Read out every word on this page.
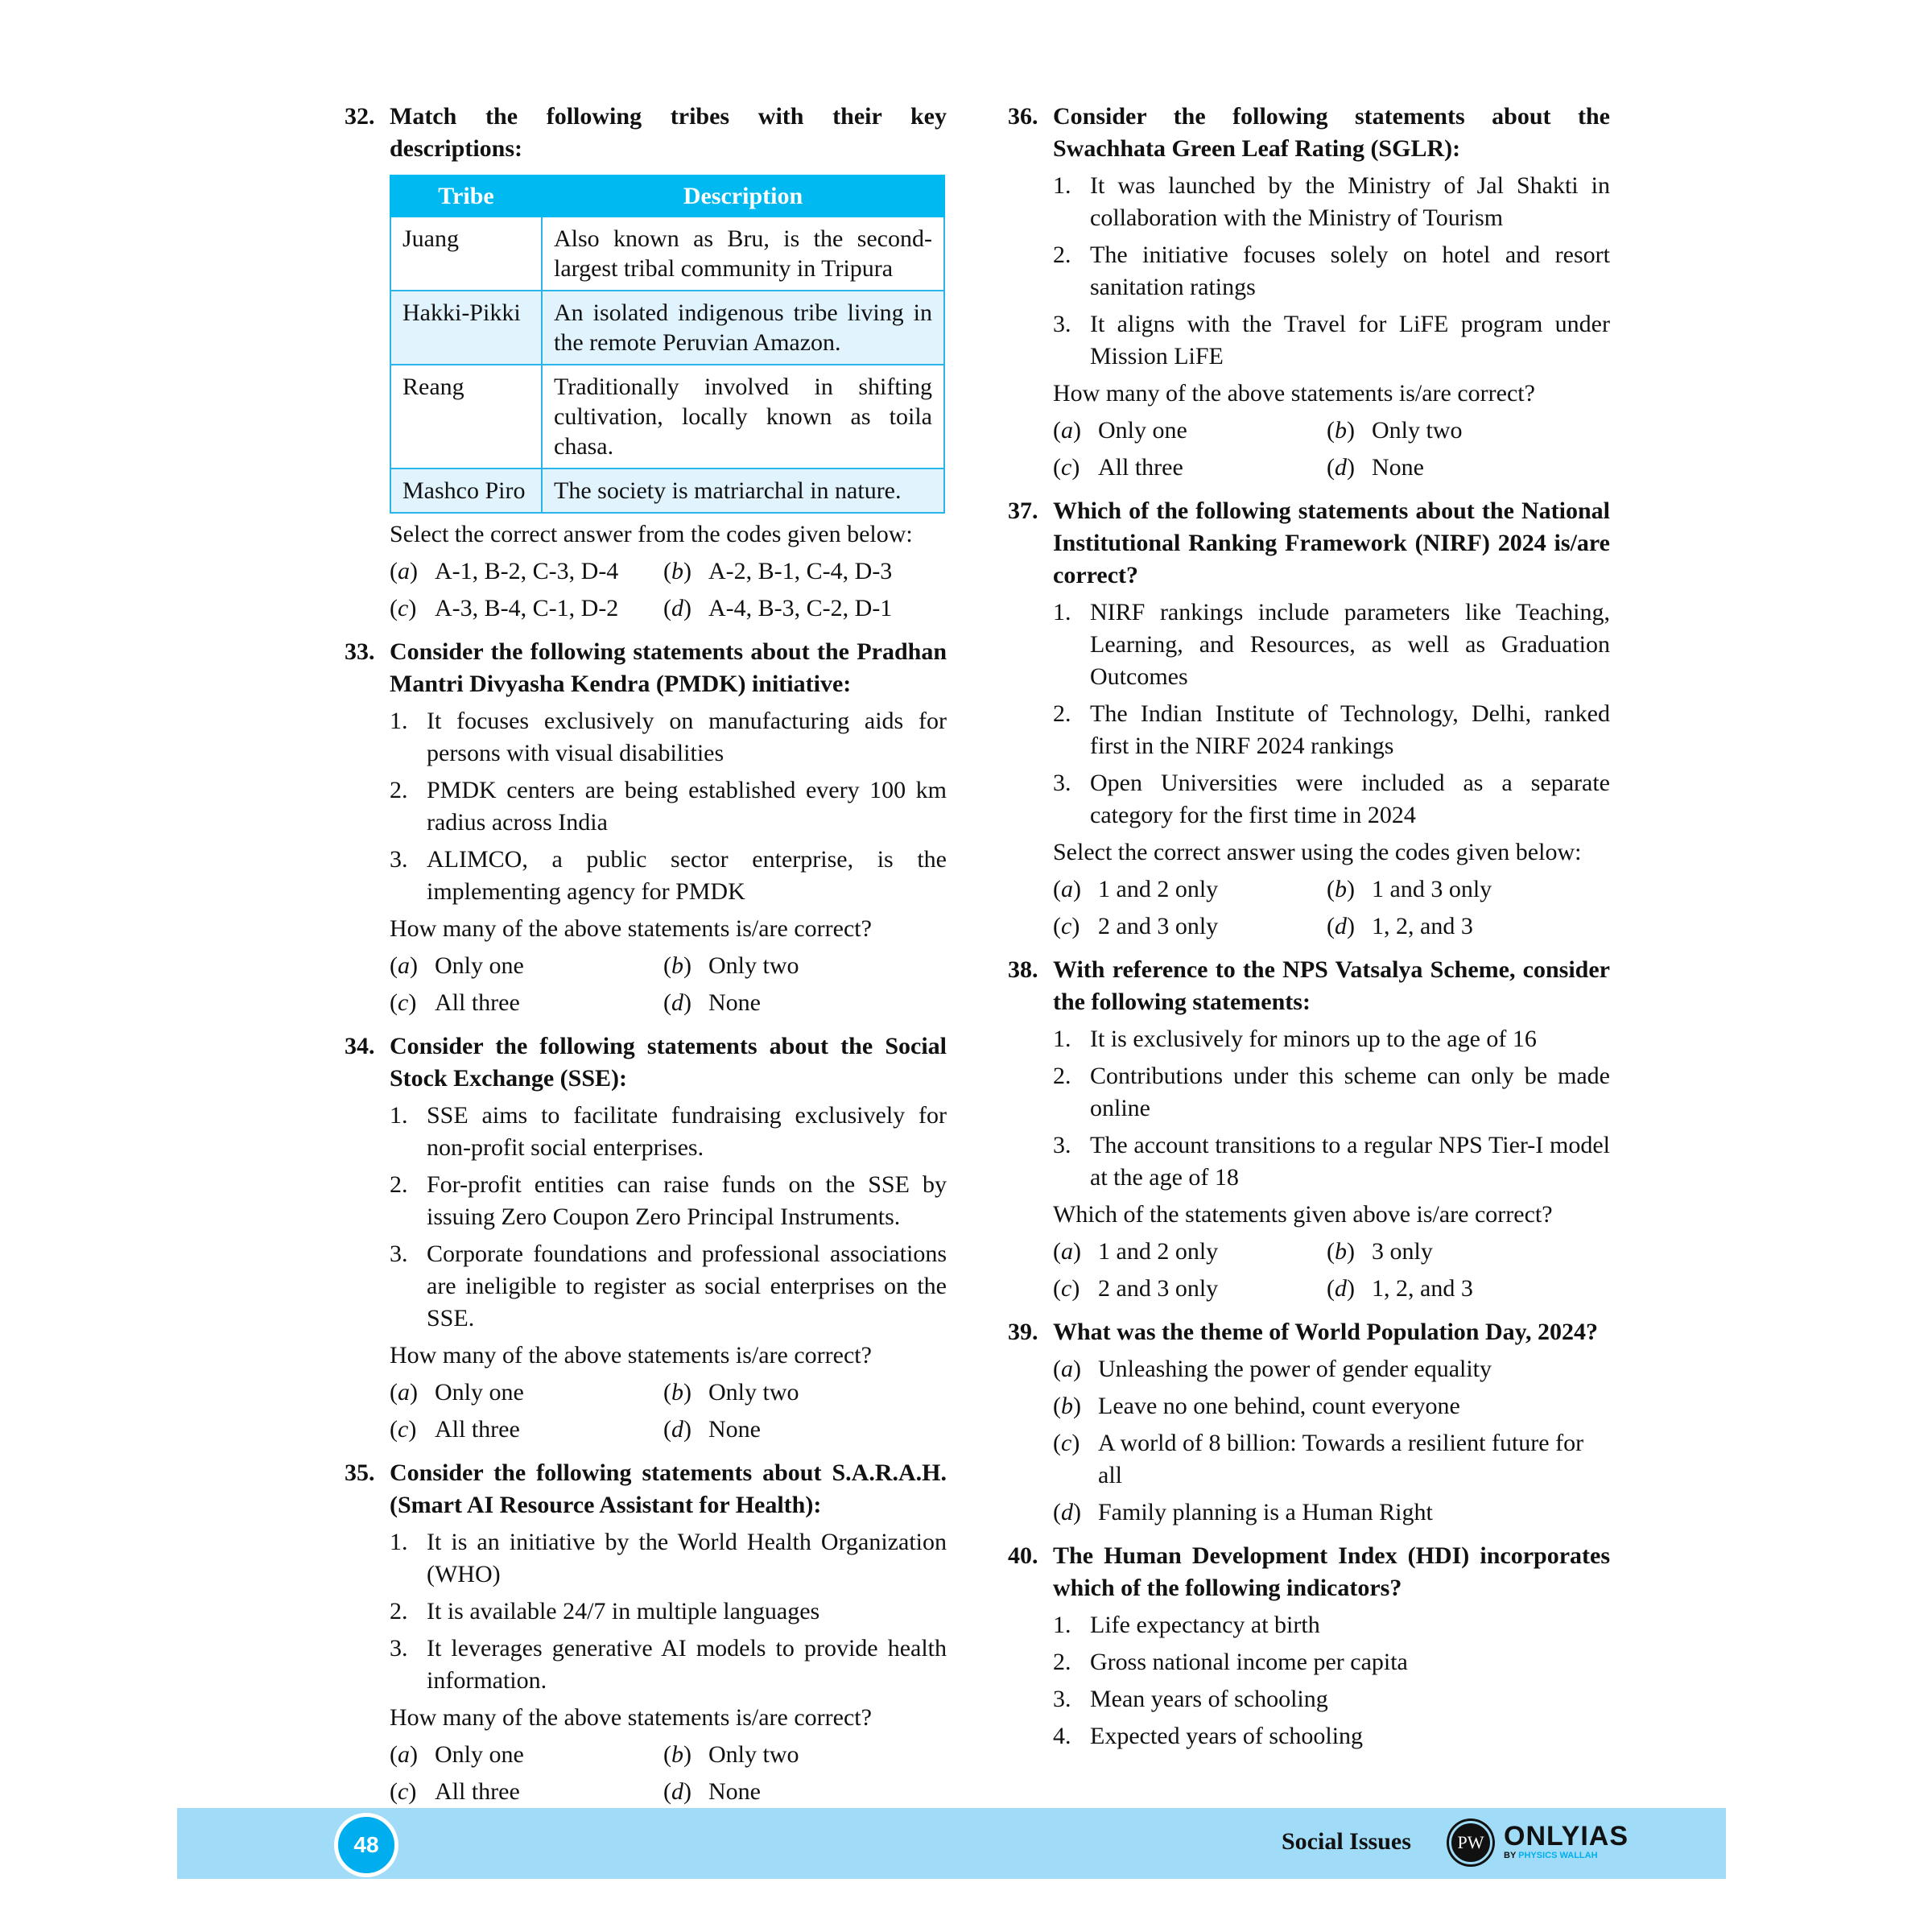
32. Match the following tribes with their key descriptions:
Tribe	Description
Juang	Also known as Bru, is the second-largest tribal community in Tripura
Hakki-Pikki	An isolated indigenous tribe living in the remote Peruvian Amazon.
Reang	Traditionally involved in shifting cultivation, locally known as toila chasa.
Mashco Piro	The society is matriarchal in nature.
Select the correct answer from the codes given below:
(a) A-1, B-2, C-3, D-4	(b) A-2, B-1, C-4, D-3
(c) A-3, B-4, C-1, D-2	(d) A-4, B-3, C-2, D-1
33. Consider the following statements about the Pradhan Mantri Divyasha Kendra (PMDK) initiative:
1. It focuses exclusively on manufacturing aids for persons with visual disabilities
2. PMDK centers are being established every 100 km radius across India
3. ALIMCO, a public sector enterprise, is the implementing agency for PMDK
How many of the above statements is/are correct?
(a) Only one	(b) Only two
(c) All three	(d) None
34. Consider the following statements about the Social Stock Exchange (SSE):
1. SSE aims to facilitate fundraising exclusively for non-profit social enterprises.
2. For-profit entities can raise funds on the SSE by issuing Zero Coupon Zero Principal Instruments.
3. Corporate foundations and professional associations are ineligible to register as social enterprises on the SSE.
How many of the above statements is/are correct?
(a) Only one	(b) Only two
(c) All three	(d) None
35. Consider the following statements about S.A.R.A.H. (Smart AI Resource Assistant for Health):
1. It is an initiative by the World Health Organization (WHO)
2. It is available 24/7 in multiple languages
3. It leverages generative AI models to provide health information.
How many of the above statements is/are correct?
(a) Only one	(b) Only two
(c) All three	(d) None
36. Consider the following statements about the Swachhata Green Leaf Rating (SGLR):
1. It was launched by the Ministry of Jal Shakti in collaboration with the Ministry of Tourism
2. The initiative focuses solely on hotel and resort sanitation ratings
3. It aligns with the Travel for LiFE program under Mission LiFE
How many of the above statements is/are correct?
(a) Only one	(b) Only two
(c) All three	(d) None
37. Which of the following statements about the National Institutional Ranking Framework (NIRF) 2024 is/are correct?
1. NIRF rankings include parameters like Teaching, Learning, and Resources, as well as Graduation Outcomes
2. The Indian Institute of Technology, Delhi, ranked first in the NIRF 2024 rankings
3. Open Universities were included as a separate category for the first time in 2024
Select the correct answer using the codes given below:
(a) 1 and 2 only	(b) 1 and 3 only
(c) 2 and 3 only	(d) 1, 2, and 3
38. With reference to the NPS Vatsalya Scheme, consider the following statements:
1. It is exclusively for minors up to the age of 16
2. Contributions under this scheme can only be made online
3. The account transitions to a regular NPS Tier-I model at the age of 18
Which of the statements given above is/are correct?
(a) 1 and 2 only	(b) 3 only
(c) 2 and 3 only	(d) 1, 2, and 3
39. What was the theme of World Population Day, 2024?
(a) Unleashing the power of gender equality
(b) Leave no one behind, count everyone
(c) A world of 8 billion: Towards a resilient future for all
(d) Family planning is a Human Right
40. The Human Development Index (HDI) incorporates which of the following indicators?
1. Life expectancy at birth
2. Gross national income per capita
3. Mean years of schooling
4. Expected years of schooling
48	Social Issues	PW ONLYIAS
BY PHYSICS WALLAH
